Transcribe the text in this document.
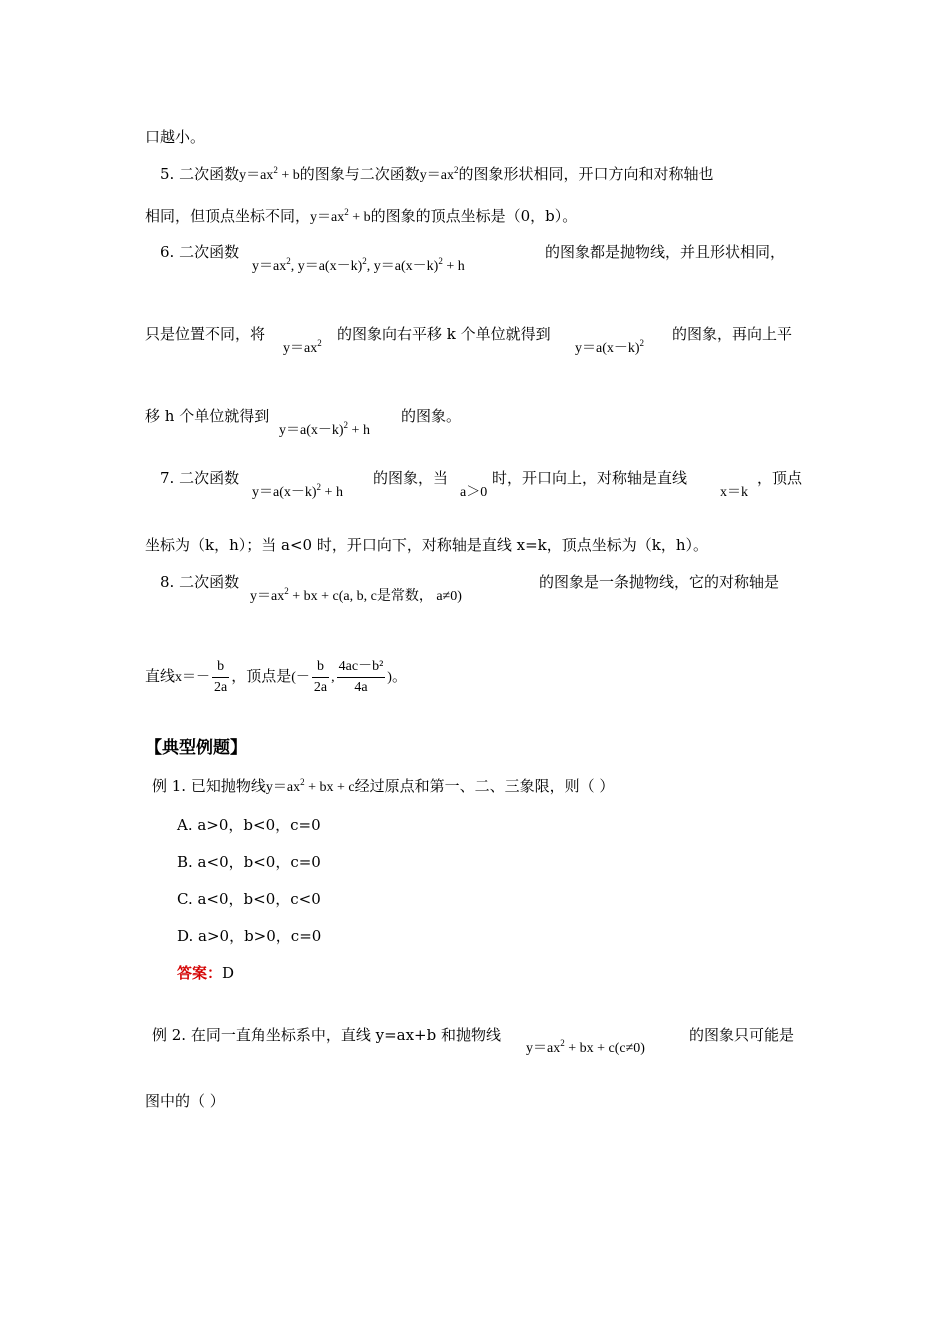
口越小。
5. 二次函数$y=ax^2 + b$的图象与二次函数$y=ax^2$的图象形状相同，开口方向和对称轴也
相同，但顶点坐标不同，$y=ax^2 + b$的图象的顶点坐标是（0，b）。
6. 二次函数
$y=ax^2$, $y=a(x-k)^2$, $y=a(x-k)^2 + h$
的图象都是抛物线，并且形状相同，
只是位置不同，将
$y=ax^2$ 的图象向右平移 k 个单位就得到
$y=a(x-k)^2$ 的图象，再向上平
移 h 个单位就得到
$y=a(x-k)^2 + h$
的图象。
7. 二次函数
$y=a(x-k)^2 + h$
的图象，当
a＞0
时，开口向上，对称轴是直线
x＝k
，顶点
坐标为（k，h）；当 a<0 时，开口向下，对称轴是直线 x=k，顶点坐标为（k，h）。
8. 二次函数
$y=ax^2$ + bx + c(a, b, c是常数， a≠0)
的图象是一条抛物线，它的对称轴是
直线$x=- \frac{b}{2a}$ ，顶点是(－ $\frac{b}{2a}$ , $\frac{\text{4ac－b²}}{4a}$ )。
【典型例题】
例 1. 已知抛物线$y=ax^2$ + bx + c经过原点和第一、二、三象限，则（ ）
A. a>0，b<0，c=0
B. a<0，b<0，c=0
C. a<0，b<0，c<0
D. a>0，b>0，c=0
答案：D
例 2. 在同一直角坐标系中，直线 y=ax+b 和抛物线
$y=ax^2$ + bx + c(c≠0)
的图象只可能是
图中的（ ）
